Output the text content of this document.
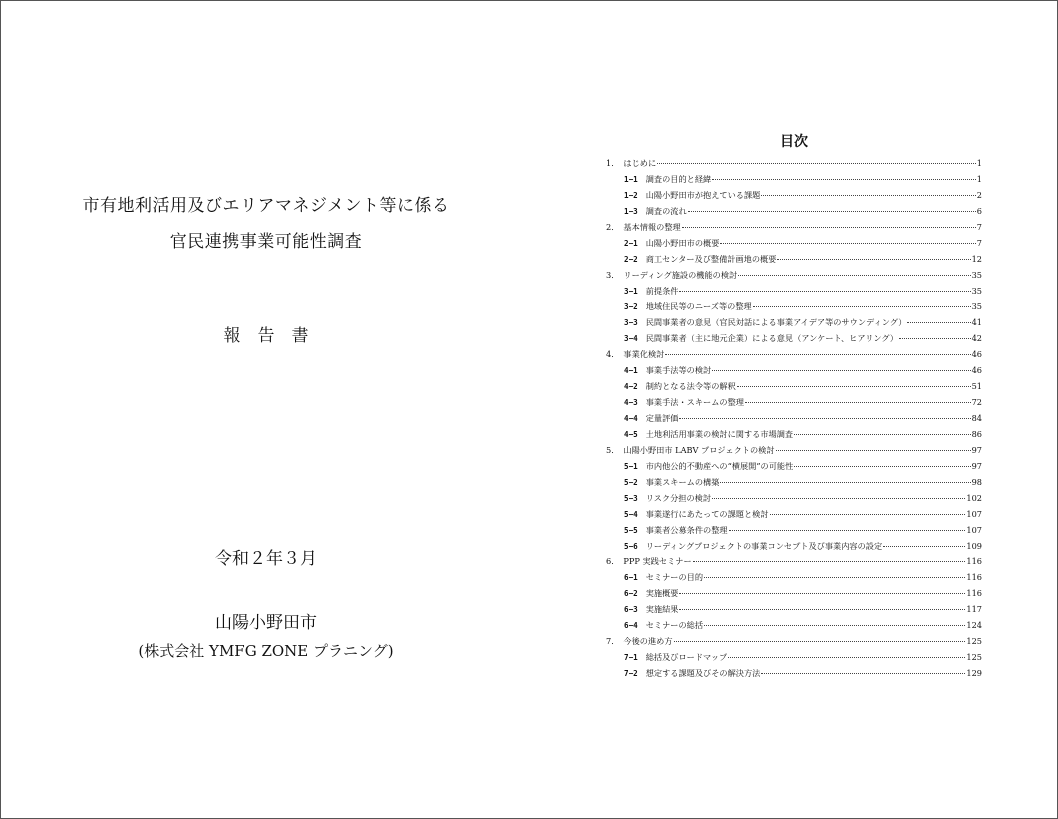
市有地利活用及びエリアマネジメント等に係る
官民連携事業可能性調査
報　告　書
令和２年３月
山陽小野田市
(株式会社 YMFG ZONE プラニング)
目次
1． はじめに	1
1−1 調査の目的と経緯	1
1−2 山陽小野田市が抱えている課題	2
1−3 調査の流れ	6
2． 基本情報の整理	7
2−1 山陽小野田市の概要	7
2−2 商工センター及び整備計画地の概要	12
3． リーディング施設の機能の検討	35
3−1 前提条件	35
3−2 地域住民等のニーズ等の整理	35
3−3 民間事業者の意見（官民対話による事業アイデア等のサウンディング）	41
3−4 民間事業者（主に地元企業）による意見（アンケート、ヒアリング）	42
4． 事業化検討	46
4−1 事業手法等の検討	46
4−2 制約となる法令等の解釈	51
4−3 事業手法・スキームの整理	72
4−4 定量評価	84
4−5 土地利活用事業の検討に関する市場調査	86
5． 山陽小野田市 LABV プロジェクトの検討	97
5−1 市内他公的不動産への“横展開”の可能性	97
5−2 事業スキームの構築	98
5−3 リスク分担の検討	102
5−4 事業遂行にあたっての課題と検討	107
5−5 事業者公募条件の整理	107
5−6 リーディングプロジェクトの事業コンセプト及び事業内容の設定	109
6． PPP 実践セミナー	116
6−1 セミナーの目的	116
6−2 実施概要	116
6−3 実施結果	117
6−4 セミナーの総括	124
7． 今後の進め方	125
7−1 総括及びロードマップ	125
7−2 想定する課題及びその解決方法	129
